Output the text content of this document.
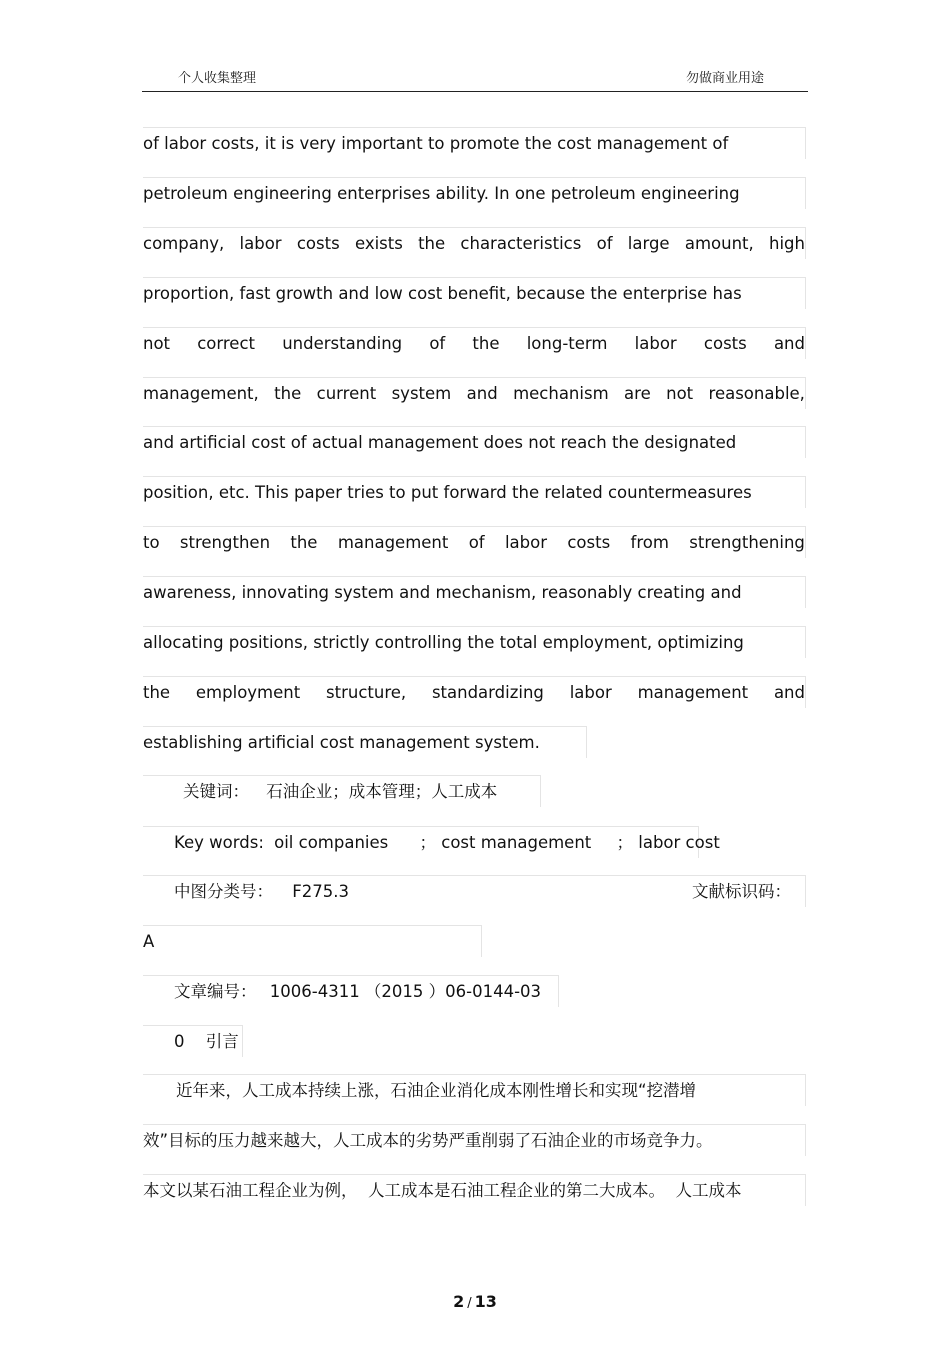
个人收集整理	勿做商业用途
of labor costs, it is very important to promote the cost management of
petroleum engineering enterprises ability. In one petroleum engineering
company, labor costs exists the characteristics of large amount, high
proportion, fast growth and low cost benefit, because the enterprise has
not correct understanding of the long-term labor costs and
management, the current system and mechanism are not reasonable,
and artificial cost of actual management does not reach the designated
position, etc. This paper tries to put forward the related countermeasures
to strengthen the management of labor costs from strengthening
awareness, innovating system and mechanism, reasonably creating and
allocating positions, strictly controlling the total employment, optimizing
the employment structure, standardizing labor management and
establishing artificial cost management system.
关键词： 石油企业；成本管理；人工成本
Key words: oil companies ； cost management ； labor cost
中图分类号： F275.3	文献标识码：
A
文章编号： 1006-4311 （2015 ）06-0144-03
0 引言
近年来，人工成本持续上涨，石油企业消化成本刚性增长和实现“挖潜增
效”目标的压力越来越大，人工成本的劣势严重削弱了石油企业的市场竞争力。
本文以某石油工程企业为例，  人工成本是石油工程企业的第二大成本。  人工成本
2 / 13
